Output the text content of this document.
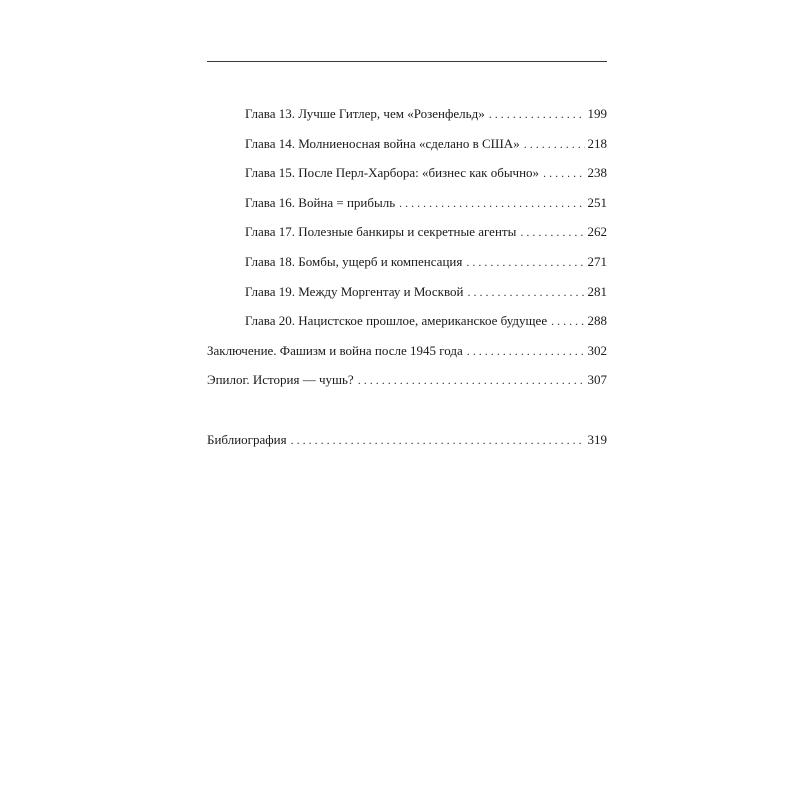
Глава 13. Лучше Гитлер, чем «Розенфельд» . . .	199
Глава 14. Молниеносная война «сделано в США» . . .	218
Глава 15. После Перл-Харбора: «бизнес как обычно» . . .	238
Глава 16. Война = прибыль . . .	251
Глава 17. Полезные банкиры и секретные агенты . . .	262
Глава 18. Бомбы, ущерб и компенсация . . .	271
Глава 19. Между Моргентау и Москвой . . .	281
Глава 20. Нацистское прошлое, американское будущее . . .	288
Заключение. Фашизм и война после 1945 года . . .	302
Эпилог. История — чушь? . . .	307
Библиография . . .	319
